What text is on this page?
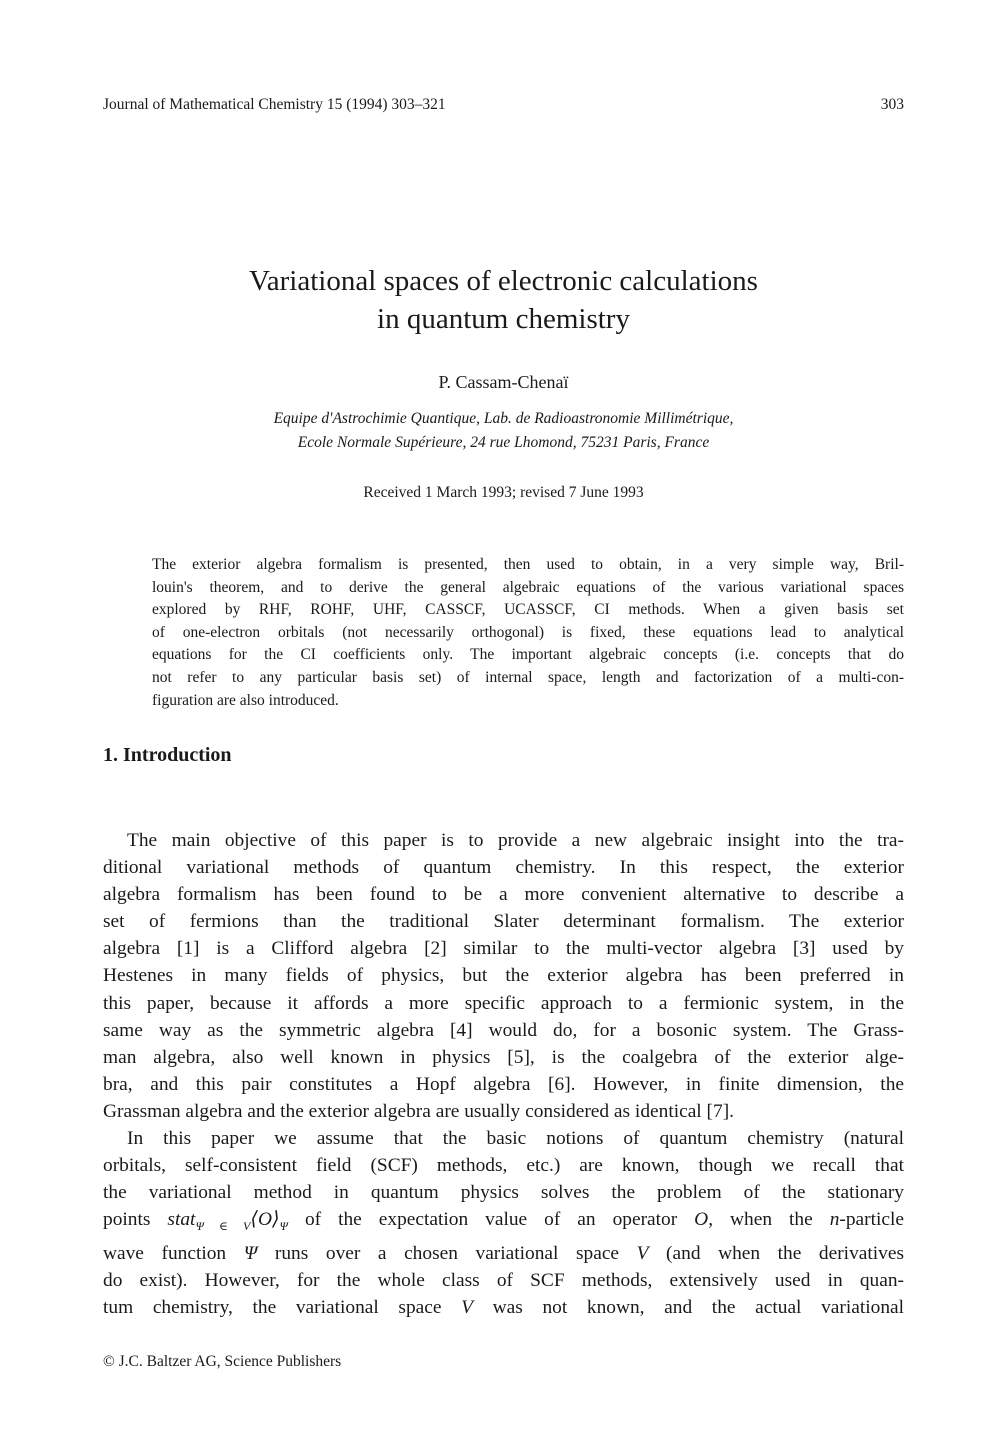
Journal of Mathematical Chemistry 15 (1994) 303–321	303
Variational spaces of electronic calculations
in quantum chemistry
P. Cassam-Chenaï
Equipe d'Astrochimie Quantique, Lab. de Radioastronomie Millimétrique,
Ecole Normale Supérieure, 24 rue Lhomond, 75231 Paris, France
Received 1 March 1993; revised 7 June 1993
The exterior algebra formalism is presented, then used to obtain, in a very simple way, Bril-
louin's theorem, and to derive the general algebraic equations of the various variational spaces
explored by RHF, ROHF, UHF, CASSCF, UCASSCF, CI methods. When a given basis set
of one-electron orbitals (not necessarily orthogonal) is fixed, these equations lead to analytical
equations for the CI coefficients only. The important algebraic concepts (i.e. concepts that do
not refer to any particular basis set) of internal space, length and factorization of a multi-con-
figuration are also introduced.
1. Introduction
The main objective of this paper is to provide a new algebraic insight into the tra-
ditional variational methods of quantum chemistry. In this respect, the exterior
algebra formalism has been found to be a more convenient alternative to describe a
set of fermions than the traditional Slater determinant formalism. The exterior
algebra [1] is a Clifford algebra [2] similar to the multi-vector algebra [3] used by
Hestenes in many fields of physics, but the exterior algebra has been preferred in
this paper, because it affords a more specific approach to a fermionic system, in the
same way as the symmetric algebra [4] would do, for a bosonic system. The Grass-
man algebra, also well known in physics [5], is the coalgebra of the exterior alge-
bra, and this pair constitutes a Hopf algebra [6]. However, in finite dimension, the
Grassman algebra and the exterior algebra are usually considered as identical [7].
In this paper we assume that the basic notions of quantum chemistry (natural
orbitals, self-consistent field (SCF) methods, etc.) are known, though we recall that
the variational method in quantum physics solves the problem of the stationary
points $stat_{\Psi \in V}⟨O⟩_\Psi$ of the expectation value of an operator O, when the n-particle
wave function Ψ runs over a chosen variational space V (and when the derivatives
do exist). However, for the whole class of SCF methods, extensively used in quan-
tum chemistry, the variational space V was not known, and the actual variational
© J.C. Baltzer AG, Science Publishers
